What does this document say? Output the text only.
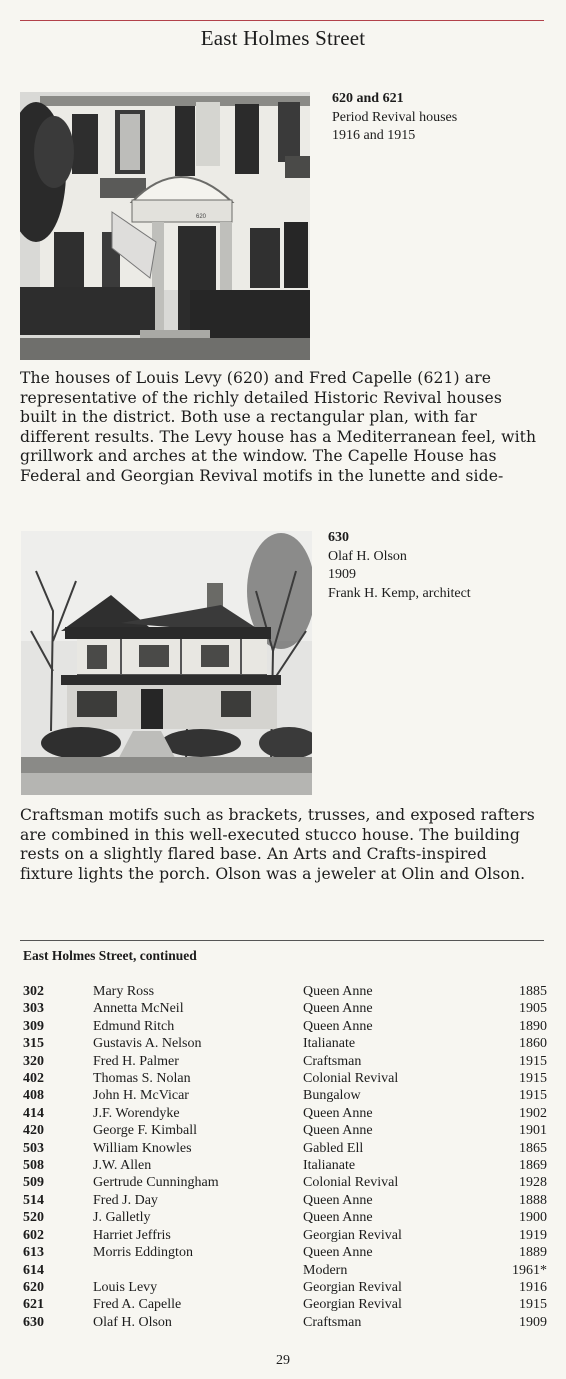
East Holmes Street
620
620 and 621
Period Revival houses
1916 and 1915
The houses of Louis Levy (620) and Fred Capelle (621) are
representative of the richly detailed Historic Revival houses
built in the district. Both use a rectangular plan, with far
different results. The Levy house has a Mediterranean feel, with
grillwork and arches at the window. The Capelle House has
Federal and Georgian Revival motifs in the lunette and side-
630
Olaf H. Olson
1909
Frank H. Kemp, architect
Craftsman motifs such as brackets, trusses, and exposed rafters
are combined in this well-executed stucco house. The building
rests on a slightly flared base. An Arts and Crafts-inspired
fixture lights the porch. Olson was a jeweler at Olin and Olson.
East Holmes Street, continued
302	Mary Ross	Queen Anne	1885
303	Annetta McNeil	Queen Anne	1905
309	Edmund Ritch	Queen Anne	1890
315	Gustavis A. Nelson	Italianate	1860
320	Fred H. Palmer	Craftsman	1915
402	Thomas S. Nolan	Colonial Revival	1915
408	John H. McVicar	Bungalow	1915
414	J.F. Worendyke	Queen Anne	1902
420	George F. Kimball	Queen Anne	1901
503	William Knowles	Gabled Ell	1865
508	J.W. Allen	Italianate	1869
509	Gertrude Cunningham	Colonial Revival	1928
514	Fred J. Day	Queen Anne	1888
520	J. Galletly	Queen Anne	1900
602	Harriet Jeffris	Georgian Revival	1919
613	Morris Eddington	Queen Anne	1889
614		Modern	1961*
620	Louis Levy	Georgian Revival	1916
621	Fred A. Capelle	Georgian Revival	1915
630	Olaf H. Olson	Craftsman	1909
29
